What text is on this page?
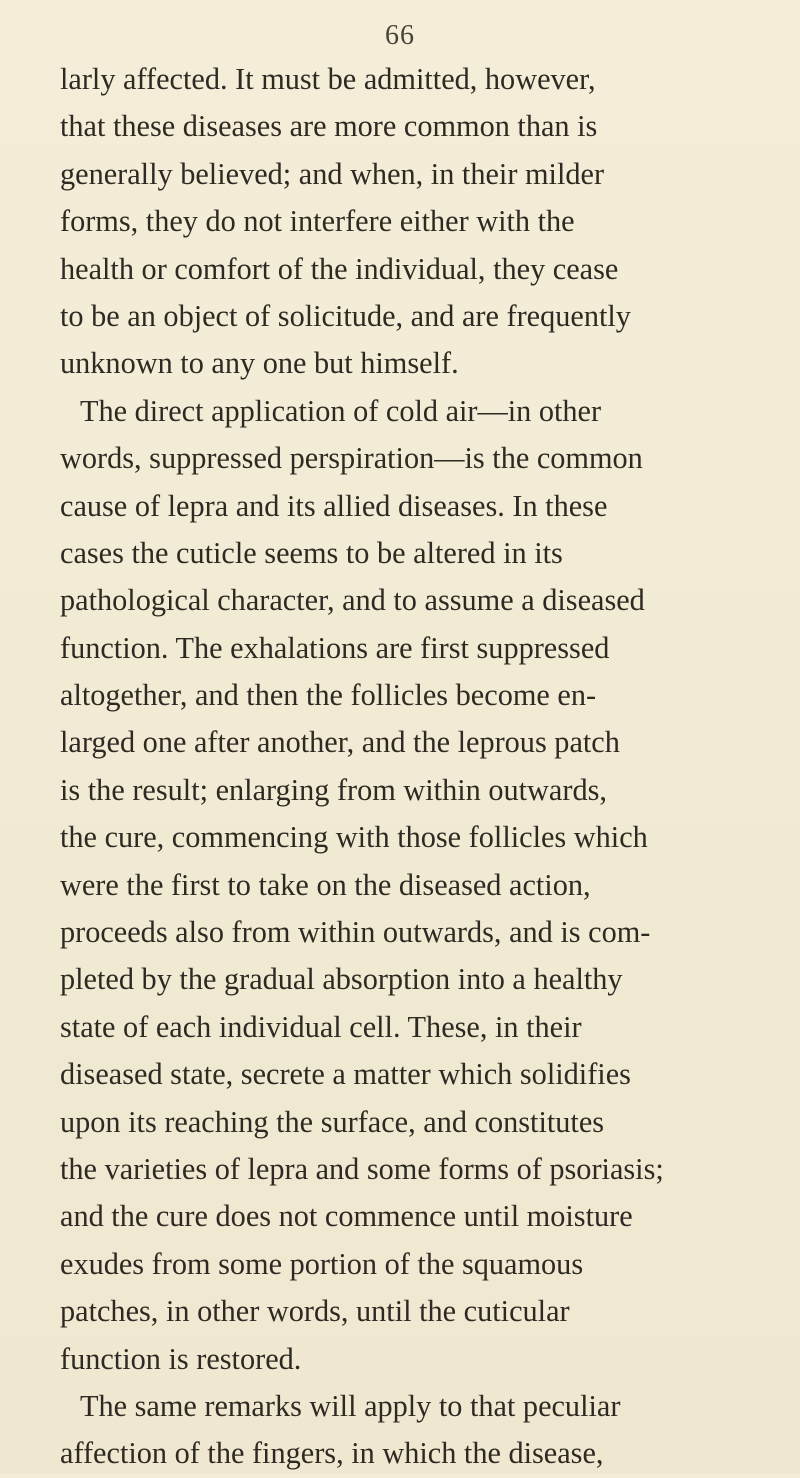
66
larly affected. It must be admitted, however,
that these diseases are more common than is
generally believed; and when, in their milder
forms, they do not interfere either with the
health or comfort of the individual, they cease
to be an object of solicitude, and are frequently
unknown to any one but himself.
The direct application of cold air—in other
words, suppressed perspiration—is the common
cause of lepra and its allied diseases. In these
cases the cuticle seems to be altered in its
pathological character, and to assume a diseased
function. The exhalations are first suppressed
altogether, and then the follicles become en-
larged one after another, and the leprous patch
is the result; enlarging from within outwards,
the cure, commencing with those follicles which
were the first to take on the diseased action,
proceeds also from within outwards, and is com-
pleted by the gradual absorption into a healthy
state of each individual cell. These, in their
diseased state, secrete a matter which solidifies
upon its reaching the surface, and constitutes
the varieties of lepra and some forms of psoriasis;
and the cure does not commence until moisture
exudes from some portion of the squamous
patches, in other words, until the cuticular
function is restored.
The same remarks will apply to that peculiar
affection of the fingers, in which the disease,
